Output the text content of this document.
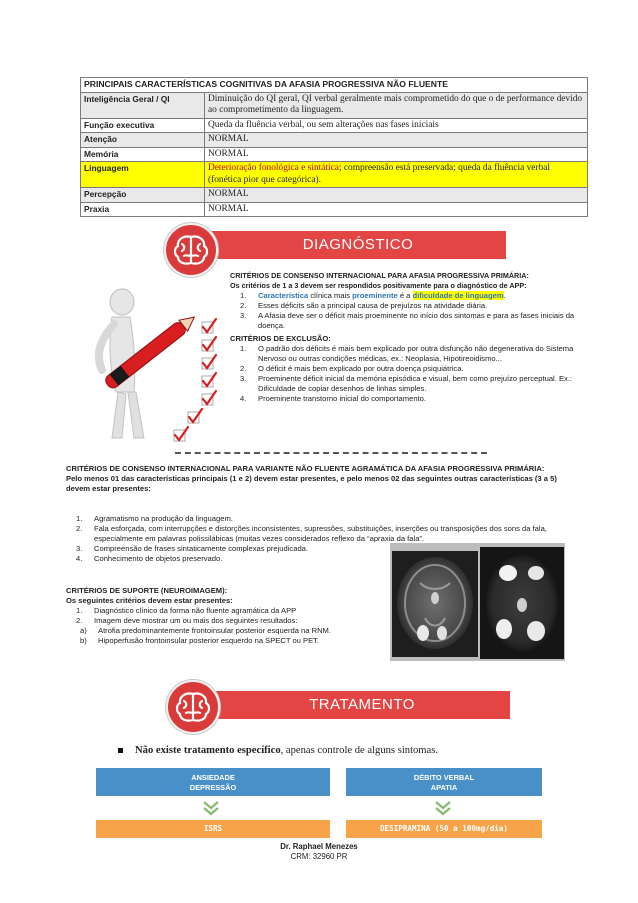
PRINCIPAIS CARACTERÍSTICAS COGNITIVAS DA AFASIA PROGRESSIVA NÃO FLUENTE	
Inteligência Geral / QI	Diminuição do QI geral, QI verbal geralmente mais comprometido do que o de performance devido ao comprometimento da linguagem.
Função executiva	Queda da fluência verbal, ou sem alterações nas fases iniciais
Atenção	NORMAL
Memória	NORMAL
Linguagem	Deterioração fonológica e sintática; compreensão está preservada; queda da fluência verbal (fonética pior que categórica).
Percepção	NORMAL
Praxia	NORMAL
DIAGNÓSTICO
CRITÉRIOS DE CONSENSO INTERNACIONAL PARA AFASIA PROGRESSIVA PRIMÁRIA:
Os critérios de 1 a 3 devem ser respondidos positivamente para o diagnóstico de APP:
1. Característica clínica mais proeminente é a dificuldade de linguagem.
2. Esses déficits são a principal causa de prejuízos na atividade diária.
3. A Afasia deve ser o déficit mais proeminente no início dos sintomas e para as fases iniciais da doença.
CRITÉRIOS DE EXCLUSÃO:
1. O padrão dos déficits é mais bem explicado por outra disfunção não degenerativa do Sistema Nervoso ou outras condições médicas, ex.: Neoplasia, Hipotireoidismo...
2. O déficit é mais bem explicado por outra doença psiquiátrica.
3. Proeminente déficit inicial da memória episódica e visual, bem como prejuízo perceptual. Ex.: Dificuldade de copiar desenhos de linhas simples.
4. Proeminente transtorno inicial do comportamento.
CRITÉRIOS DE CONSENSO INTERNACIONAL PARA VARIANTE NÃO FLUENTE AGRAMÁTICA DA AFASIA PROGRESSIVA PRIMÁRIA:
Pelo menos 01 das características principais (1 e 2) devem estar presentes, e pelo menos 02 das seguintes outras características (3 a 5) devem estar presentes:
1. Agramatismo na produção da linguagem.
2. Fala esforçada, com interrupções e distorções inconsistentes, supressões, substituições, inserções ou transposições dos sons da fala, especialmente em palavras polissilábicas (muitas vezes considerados reflexo da “apraxia da fala”.
3. Compreensão de frases sintaticamente complexas prejudicada.
4. Conhecimento de objetos preservado.
CRITÉRIOS DE SUPORTE (NEUROIMAGEM):
Os seguintes critérios devem estar presentes:
1. Diagnóstico clínico da forma não fluente agramática da APP
2. Imagem deve mostrar um ou mais dos seguintes resultados:
a) Atrofia predominantemente frontoinsular posterior esquerda na RNM.
b) Hipoperfusão frontoinsular posterior esquerdo na SPECT ou PET.
TRATAMENTO
Não existe tratamento específico, apenas controle de alguns sintomas.
ANSIEDADE
DEPRESSÃO
DÉBITO VERBAL
APATIA
ISRS	DESIPRAMINA (50 a 100mg/dia)
Dr. Raphael Menezes
CRM: 32960 PR
